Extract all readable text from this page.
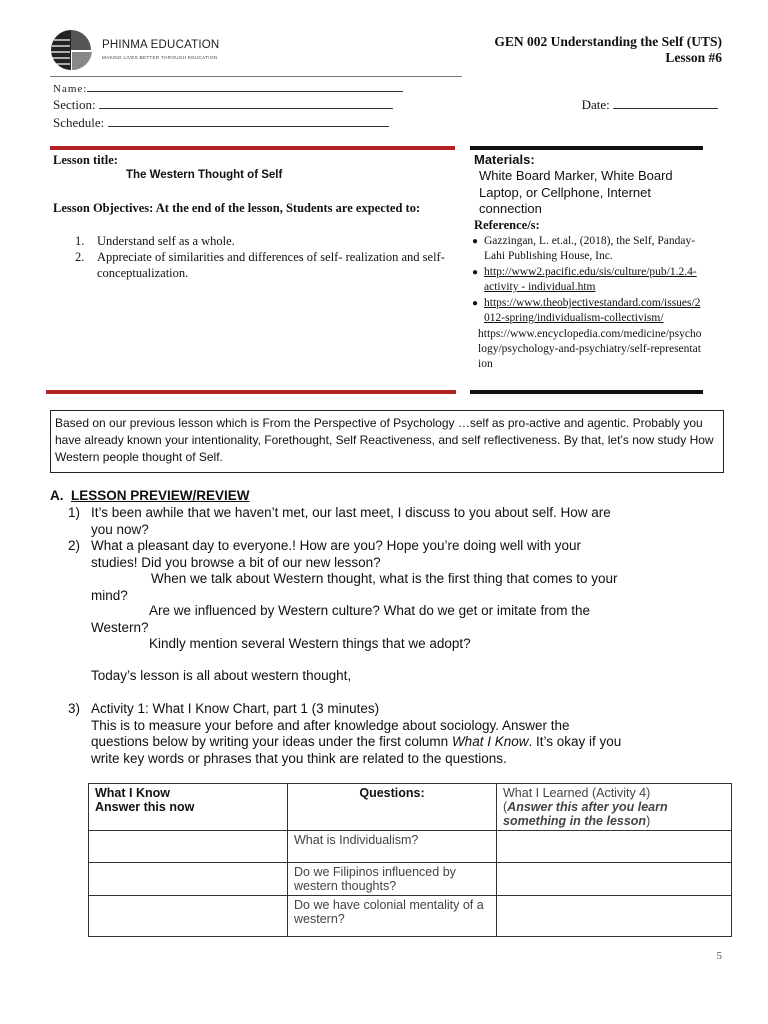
PHINMA EDUCATION
MAKING LIVES BETTER THROUGH EDUCATION
GEN 002 Understanding the Self (UTS)
Lesson #6
Name:
Section:
Schedule:
Date:
Lesson title:
The Western Thought of Self
Lesson Objectives: At the end of the lesson, Students are expected to:
1. Understand self as a whole.
2. Appreciate of similarities and differences of self- realization and self-conceptualization.
Materials:
White Board Marker, White Board Laptop, or Cellphone, Internet connection
Reference/s:
● Gazzingan, L. et.al., (2018), the Self, Panday-Lahi Publishing House, Inc.
● http://www2.pacific.edu/sis/culture/pub/1.2.4- activity - individual.htm
● https://www.theobjectivestandard.com/issues/2012-spring/individualism-collectivism/
https://www.encyclopedia.com/medicine/psychology/psychology-and-psychiatry/self-representation
Based on our previous lesson which is From the Perspective of Psychology …self as pro-active and agentic. Probably you have already known your intentionality, Forethought, Self Reactiveness, and self reflectiveness. By that, let’s now study How Western people thought of Self.
A. LESSON PREVIEW/REVIEW
1) It’s been awhile that we haven’t met, our last meet, I discuss to you about self. How are you now?
2) What a pleasant day to everyone.! How are you? Hope you’re doing well with your studies! Did you browse a bit of our new lesson?
When we talk about Western thought, what is the first thing that comes to your mind?
Are we influenced by Western culture? What do we get or imitate from the Western?
Kindly mention several Western things that we adopt?
Today’s lesson is all about western thought,
3) Activity 1: What I Know Chart, part 1 (3 minutes)
This is to measure your before and after knowledge about sociology. Answer the questions below by writing your ideas under the first column What I Know. It’s okay if you write key words or phrases that you think are related to the questions.
What I Know
Answer this now	Questions:	What I Learned (Activity 4)
(Answer this after you learn something in the lesson)
	What is Individualism?	
	Do we Filipinos influenced by western thoughts?	
	Do we have colonial mentality of a western?	
5
